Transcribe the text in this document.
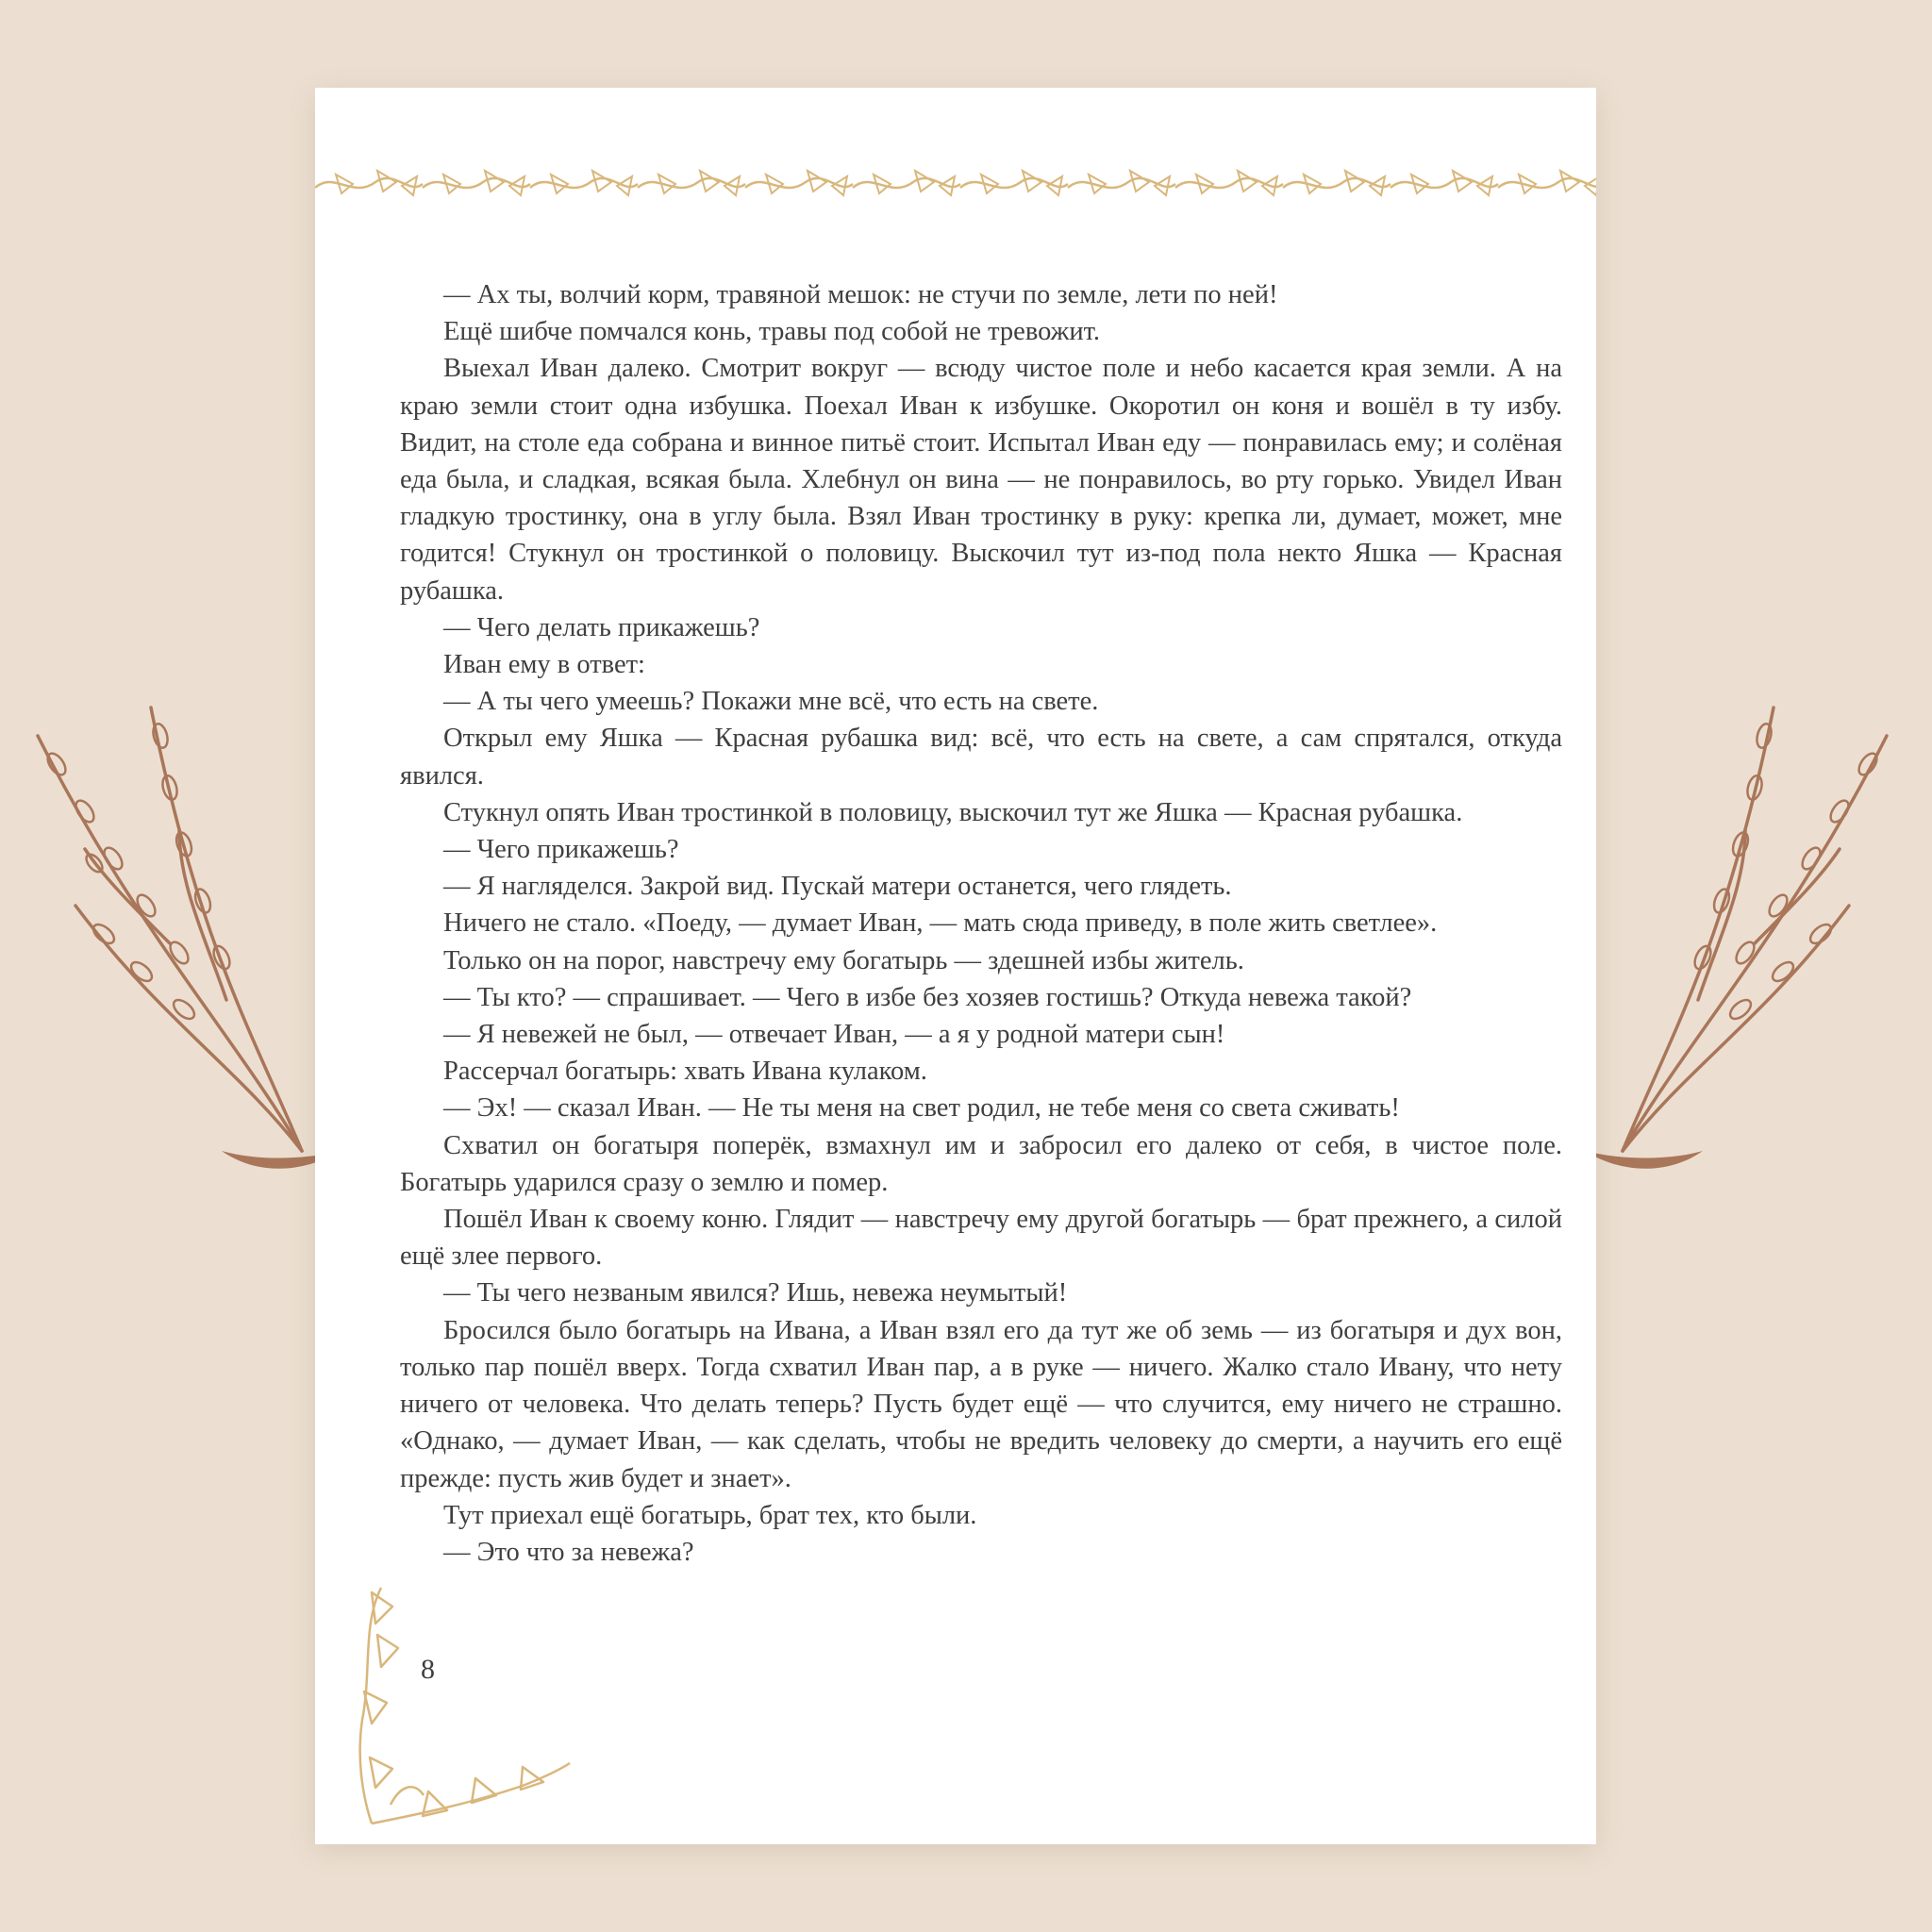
— Ах ты, волчий корм, травяной мешок: не стучи по земле, лети по ней!

Ещё шибче помчался конь, травы под собой не тревожит.

Выехал Иван далеко. Смотрит вокруг — всюду чистое поле и небо касается края земли. А на краю земли стоит одна избушка. Поехал Иван к избушке. Окоротил он коня и вошёл в ту избу. Видит, на столе еда собрана и винное питьё стоит. Испытал Иван еду — понравилась ему; и солёная еда была, и сладкая, всякая была. Хлебнул он вина — не понравилось, во рту горько. Увидел Иван гладкую тростинку, она в углу была. Взял Иван тростинку в руку: крепка ли, думает, может, мне годится! Стукнул он тростинкой о половицу. Выскочил тут из-под пола некто Яшка — Красная рубашка.

— Чего делать прикажешь?

Иван ему в ответ:

— А ты чего умеешь? Покажи мне всё, что есть на свете.

Открыл ему Яшка — Красная рубашка вид: всё, что есть на свете, а сам спрятался, откуда явился.

Стукнул опять Иван тростинкой в половицу, выскочил тут же Яшка — Красная рубашка.

— Чего прикажешь?

— Я нагляделся. Закрой вид. Пускай матери останется, чего глядеть.

Ничего не стало. «Поеду, — думает Иван, — мать сюда приведу, в поле жить светлее».

Только он на порог, навстречу ему богатырь — здешней избы житель.

— Ты кто? — спрашивает. — Чего в избе без хозяев гостишь? Откуда невежа такой?

— Я невежей не был, — отвечает Иван, — а я у родной матери сын!

Рассерчал богатырь: хвать Ивана кулаком.

— Эх! — сказал Иван. — Не ты меня на свет родил, не тебе меня со света сживать!

Схватил он богатыря поперёк, взмахнул им и забросил его далеко от себя, в чистое поле. Богатырь ударился сразу о землю и помер.

Пошёл Иван к своему коню. Глядит — навстречу ему другой богатырь — брат прежнего, а силой ещё злее первого.

— Ты чего незваным явился? Ишь, невежа неумытый!

Бросился было богатырь на Ивана, а Иван взял его да тут же об земь — из богатыря и дух вон, только пар пошёл вверх. Тогда схватил Иван пар, а в руке — ничего. Жалко стало Ивану, что нету ничего от человека. Что делать теперь? Пусть будет ещё — что случится, ему ничего не страшно. «Однако, — думает Иван, — как сделать, чтобы не вредить человеку до смерти, а научить его ещё прежде: пусть жив будет и знает».

Тут приехал ещё богатырь, брат тех, кто были.

— Это что за невежа?

8
